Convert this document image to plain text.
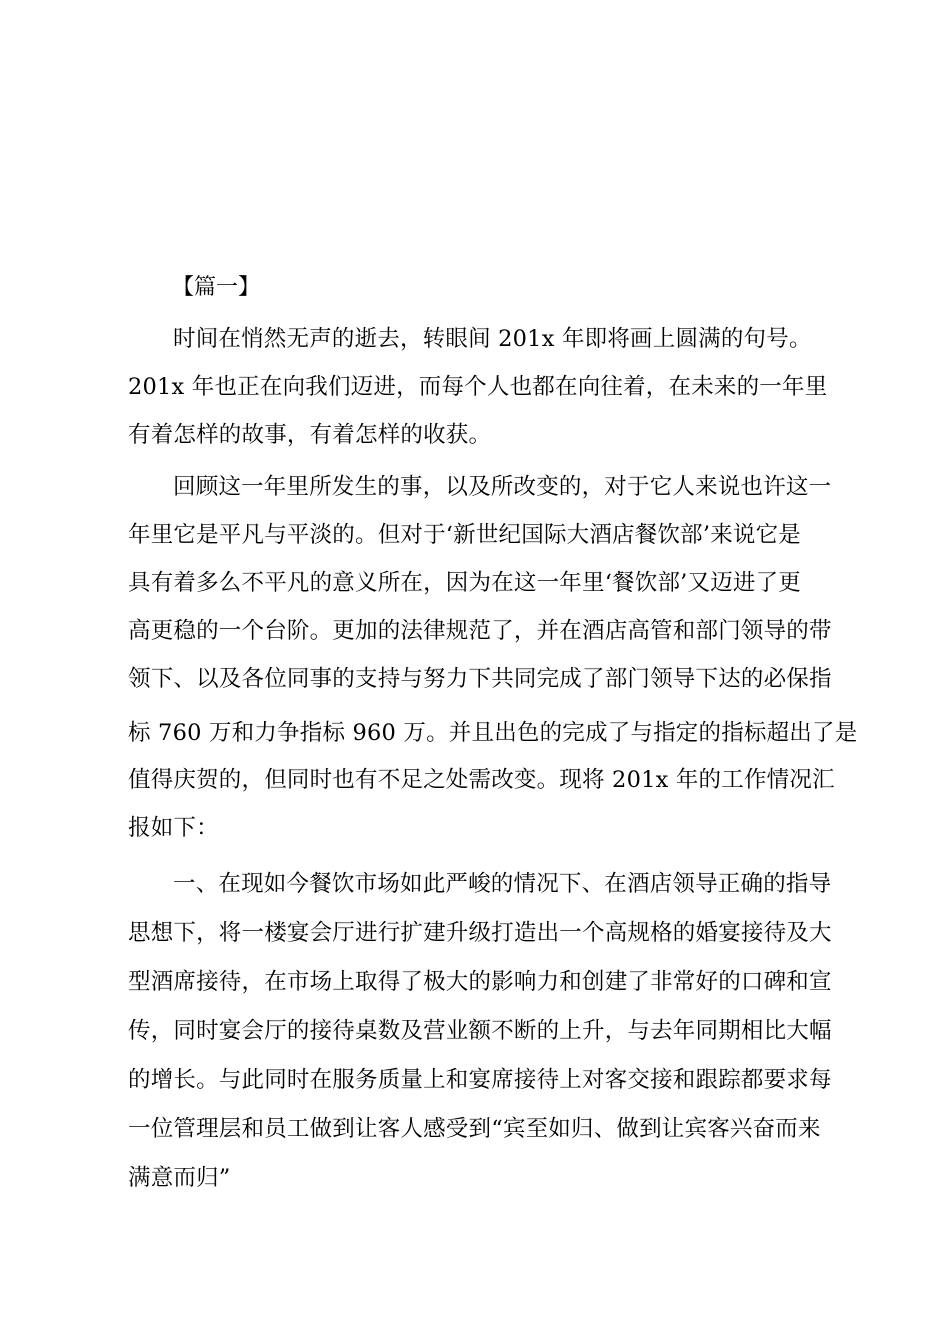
【篇一】
时间在悄然无声的逝去，转眼间 201x 年即将画上圆满的句号。
201x 年也正在向我们迈进，而每个人也都在向往着，在未来的一年里
有着怎样的故事，有着怎样的收获。
回顾这一年里所发生的事，以及所改变的，对于它人来说也许这一
年里它是平凡与平淡的。但对于‘新世纪国际大酒店餐饮部’来说它是
具有着多么不平凡的意义所在，因为在这一年里‘餐饮部’又迈进了更
高更稳的一个台阶。更加的法律规范了，并在酒店高管和部门领导的带
领下、以及各位同事的支持与努力下共同完成了部门领导下达的必保指
标 760 万和力争指标 960 万。并且出色的完成了与指定的指标超出了是
值得庆贺的，但同时也有不足之处需改变。现将 201x 年的工作情况汇
报如下：
一、在现如今餐饮市场如此严峻的情况下、在酒店领导正确的指导
思想下，将一楼宴会厅进行扩建升级打造出一个高规格的婚宴接待及大
型酒席接待，在市场上取得了极大的影响力和创建了非常好的口碑和宣
传，同时宴会厅的接待桌数及营业额不断的上升，与去年同期相比大幅
的增长。与此同时在服务质量上和宴席接待上对客交接和跟踪都要求每
一位管理层和员工做到让客人感受到“宾至如归、做到让宾客兴奋而来
满意而归”
